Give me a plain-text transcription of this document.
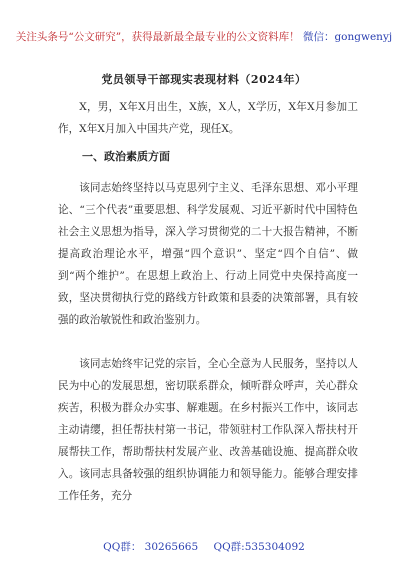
关注头条号“公文研究”，获得最新最全最专业的公文资料库！ 微信：gongwenyj
党员领导干部现实表现材料（2024年）

X，男，X年X月出生，X族，X人，X学历，X年X月参加工作，X年X月加入中国共产党，现任X。

一、政治素质方面

该同志始终坚持以马克思列宁主义、毛泽东思想、邓小平理论、“三个代表”重要思想、科学发展观、习近平新时代中国特色社会主义思想为指导，深入学习贯彻党的二十大报告精神，不断提高政治理论水平，增强“四个意识”、坚定“四个自信”、做到“两个维护”。在思想上政治上、行动上同党中央保持高度一致，坚决贯彻执行党的路线方针政策和县委的决策部署，具有较强的政治敏锐性和政治鉴别力。

该同志始终牢记党的宗旨，全心全意为人民服务，坚持以人民为中心的发展思想，密切联系群众，倾听群众呼声，关心群众疾苦，积极为群众办实事、解难题。在乡村振兴工作中，该同志主动请缨，担任帮扶村第一书记，带领驻村工作队深入帮扶村开展帮扶工作，帮助帮扶村发展产业、改善基础设施、提高群众收入。该同志具备较强的组织协调能力和领导能力。能够合理安排工作任务，充分

QQ群： 30265665 QQ群:535304092
